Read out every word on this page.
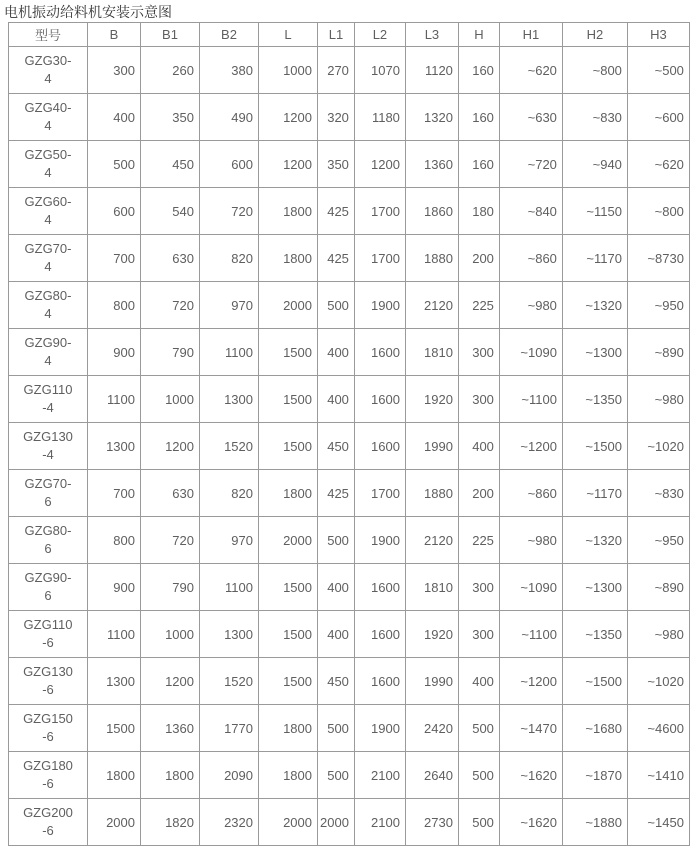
电机振动给料机安装示意图
型号	B	B1	B2	L	L1	L2	L3	H	H1	H2	H3
GZG30-4	300	260	380	1000	270	1070	1120	160	~620	~800	~500
GZG40-4	400	350	490	1200	320	1180	1320	160	~630	~830	~600
GZG50-4	500	450	600	1200	350	1200	1360	160	~720	~940	~620
GZG60-4	600	540	720	1800	425	1700	1860	180	~840	~1150	~800
GZG70-4	700	630	820	1800	425	1700	1880	200	~860	~1170	~8730
GZG80-4	800	720	970	2000	500	1900	2120	225	~980	~1320	~950
GZG90-4	900	790	1100	1500	400	1600	1810	300	~1090	~1300	~890
GZG110-4	1100	1000	1300	1500	400	1600	1920	300	~1100	~1350	~980
GZG130-4	1300	1200	1520	1500	450	1600	1990	400	~1200	~1500	~1020
GZG70-6	700	630	820	1800	425	1700	1880	200	~860	~1170	~830
GZG80-6	800	720	970	2000	500	1900	2120	225	~980	~1320	~950
GZG90-6	900	790	1100	1500	400	1600	1810	300	~1090	~1300	~890
GZG110-6	1100	1000	1300	1500	400	1600	1920	300	~1100	~1350	~980
GZG130-6	1300	1200	1520	1500	450	1600	1990	400	~1200	~1500	~1020
GZG150-6	1500	1360	1770	1800	500	1900	2420	500	~1470	~1680	~4600
GZG180-6	1800	1800	2090	1800	500	2100	2640	500	~1620	~1870	~1410
GZG200-6	2000	1820	2320	2000	2000	2100	2730	500	~1620	~1880	~1450
